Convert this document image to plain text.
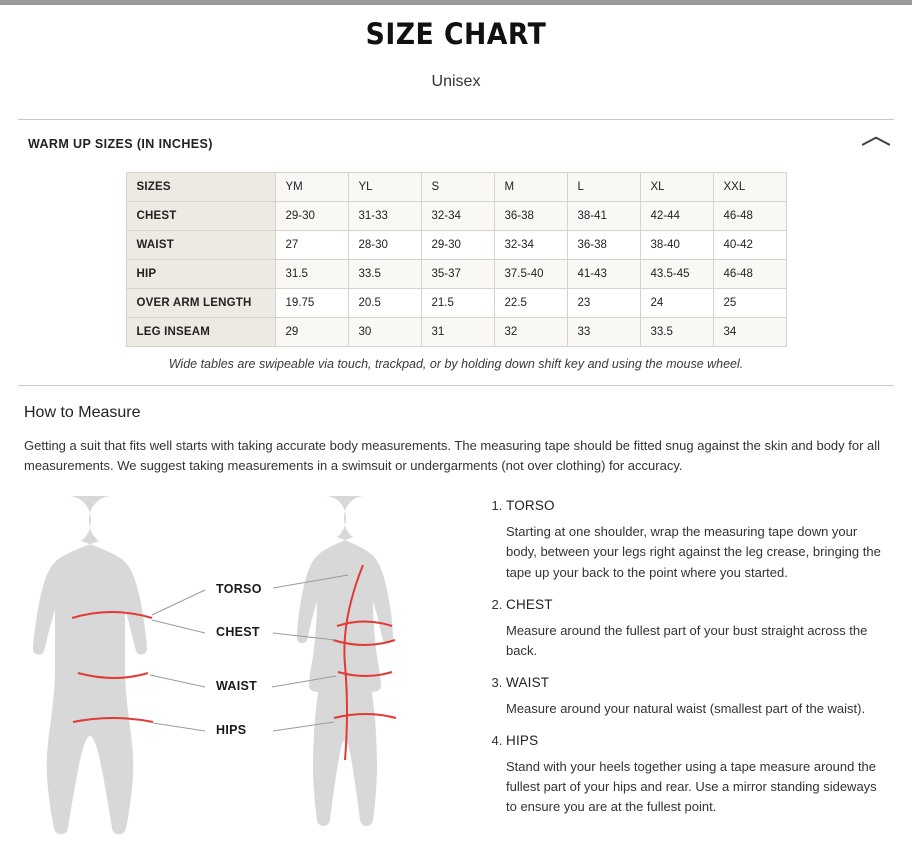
SIZE CHART
Unisex
WARM UP SIZES (IN INCHES)
SIZES	YM	YL	S	M	L	XL	XXL
CHEST	29-30	31-33	32-34	36-38	38-41	42-44	46-48
WAIST	27	28-30	29-30	32-34	36-38	38-40	40-42
HIP	31.5	33.5	35-37	37.5-40	41-43	43.5-45	46-48
OVER ARM LENGTH	19.75	20.5	21.5	22.5	23	24	25
LEG INSEAM	29	30	31	32	33	33.5	34
Wide tables are swipeable via touch, trackpad, or by holding down shift key and using the mouse wheel.
How to Measure
Getting a suit that fits well starts with taking accurate body measurements. The measuring tape should be fitted snug against the skin and body for all measurements. We suggest taking measurements in a swimsuit or undergarments (not over clothing) for accuracy.
TORSO
CHEST
WAIST
HIPS
1. TORSO
Starting at one shoulder, wrap the measuring tape down your body, between your legs right against the leg crease, bringing the tape up your back to the point where you started.
2. CHEST
Measure around the fullest part of your bust straight across the back.
3. WAIST
Measure around your natural waist (smallest part of the waist).
4. HIPS
Stand with your heels together using a tape measure around the fullest part of your hips and rear. Use a mirror standing sideways to ensure you are at the fullest point.
